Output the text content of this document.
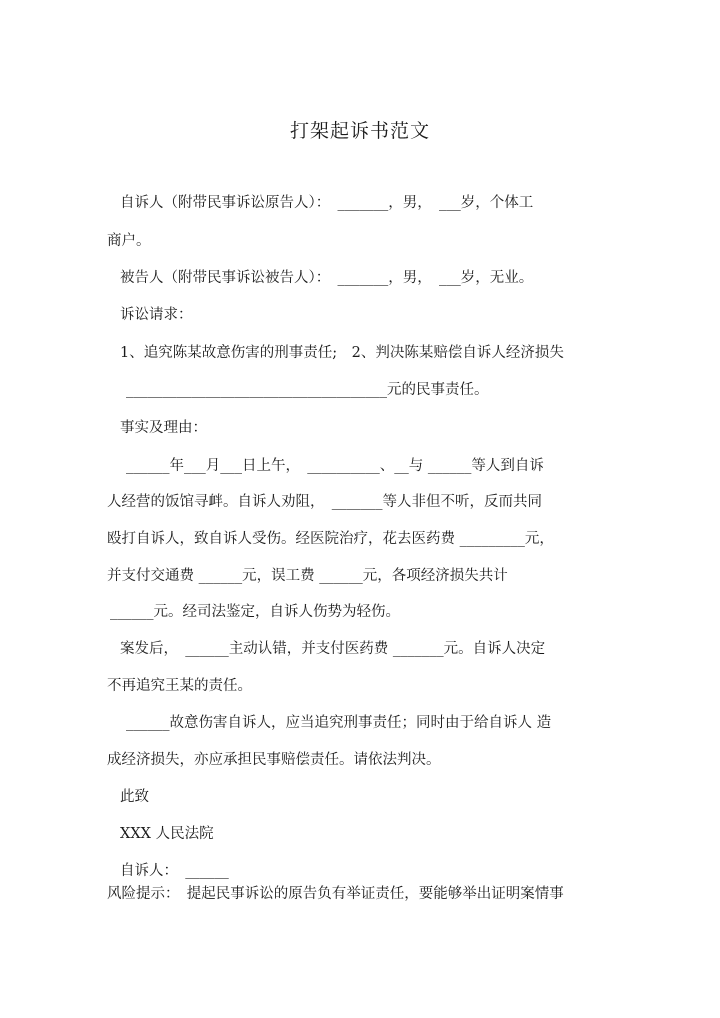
打架起诉书范文
自诉人（附带民事诉讼原告人）：　_______，男，　___岁，个体工
商户。
被告人（附带民事诉讼被告人）：　_______，男，　___岁，无业。
诉讼请求：
1、追究陈某故意伤害的刑事责任;　2、判决陈某赔偿自诉人经济损失
____________________________________元的民事责任。
事实及理由：
______年___月___日上午，　__________、__与 ______等人到自诉
人经营的饭馆寻衅。自诉人劝阻，　_______等人非但不听，反而共同
殴打自诉人，致自诉人受伤。经医院治疗，花去医药费 _________元，
并支付交通费 ______元，误工费 ______元，各项经济损失共计
______元。经司法鉴定，自诉人伤势为轻伤。
案发后，　______主动认错，并支付医药费 _______元。自诉人决定
不再追究王某的责任。
______故意伤害自诉人，应当追究刑事责任；同时由于给自诉人 造
成经济损失，亦应承担民事赔偿责任。请依法判决。
此致
XXX 人民法院
自诉人：　______
风险提示：　提起民事诉讼的原告负有举证责任，要能够举出证明案情事
